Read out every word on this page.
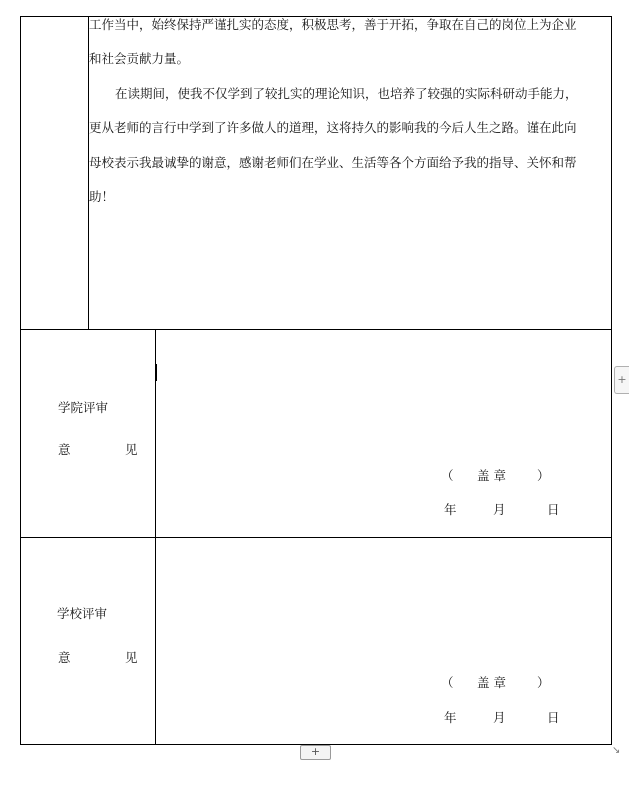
工作当中，始终保持严谨扎实的态度，积极思考，善于开拓，争取在自己的岗位上为企业
和社会贡献力量。
在读期间，使我不仅学到了较扎实的理论知识，也培养了较强的实际科研动手能力，
更从老师的言行中学到了许多做人的道理，这将持久的影响我的今后人生之路。谨在此向
母校表示我最诚挚的谢意，感谢老师们在学业、生活等各个方面给予我的指导、关怀和帮
助！
学院评审
意	见
（ 盖 章 ）
年	月	日
学校评审
意	见
（ 盖 章 ）
年	月	日
+
+	↘
